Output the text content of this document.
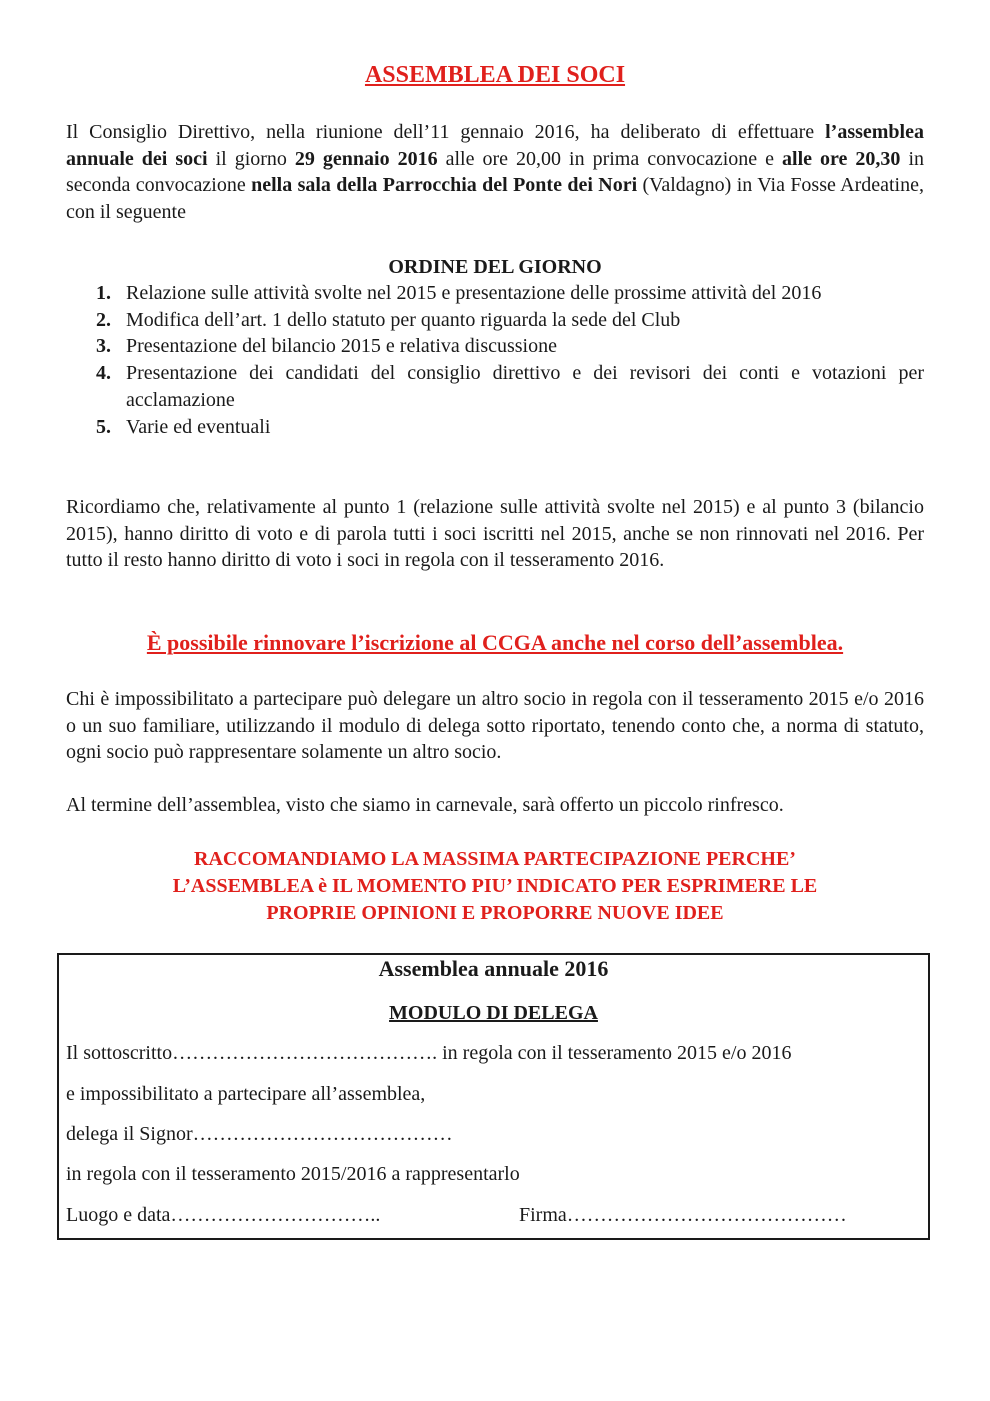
ASSEMBLEA DEI SOCI
Il Consiglio Direttivo, nella riunione dell’11 gennaio 2016, ha deliberato di effettuare l’assemblea annuale dei soci il giorno 29 gennaio 2016 alle ore 20,00 in prima convocazione e alle ore 20,30 in seconda convocazione nella sala della Parrocchia del Ponte dei Nori (Valdagno) in Via Fosse Ardeatine, con il seguente
ORDINE DEL GIORNO
1. Relazione sulle attività svolte nel 2015 e presentazione delle prossime attività del 2016
2. Modifica dell’art. 1 dello statuto per quanto riguarda la sede del Club
3. Presentazione del bilancio 2015 e relativa discussione
4. Presentazione dei candidati del consiglio direttivo e dei revisori dei conti e votazioni per acclamazione
5. Varie ed eventuali
Ricordiamo che, relativamente al punto 1 (relazione sulle attività svolte nel 2015) e al punto 3 (bilancio 2015), hanno diritto di voto e di parola tutti i soci iscritti nel 2015, anche se non rinnovati nel 2016. Per tutto il resto hanno diritto di voto i soci in regola con il tesseramento 2016.
È possibile rinnovare l’iscrizione al CCGA anche nel corso dell’assemblea.
Chi è impossibilitato a partecipare può delegare un altro socio in regola con il tesseramento 2015 e/o 2016 o un suo familiare, utilizzando il modulo di delega sotto riportato, tenendo conto che, a norma di statuto, ogni socio può rappresentare solamente un altro socio.
Al termine dell’assemblea, visto che siamo in carnevale, sarà offerto un piccolo rinfresco.
RACCOMANDIAMO LA MASSIMA PARTECIPAZIONE PERCHE’
L’ASSEMBLEA è IL MOMENTO PIU’ INDICATO PER ESPRIMERE LE
PROPRIE OPINIONI E PROPORRE NUOVE IDEE
Assemblea annuale 2016
MODULO DI DELEGA
Il sottoscritto…………………………………. in regola con il tesseramento 2015 e/o 2016
e impossibilitato a partecipare all’assemblea,
delega il Signor…………………………………
in regola con il tesseramento 2015/2016 a rappresentarlo
Luogo e data…………………………..	Firma……………………………………
